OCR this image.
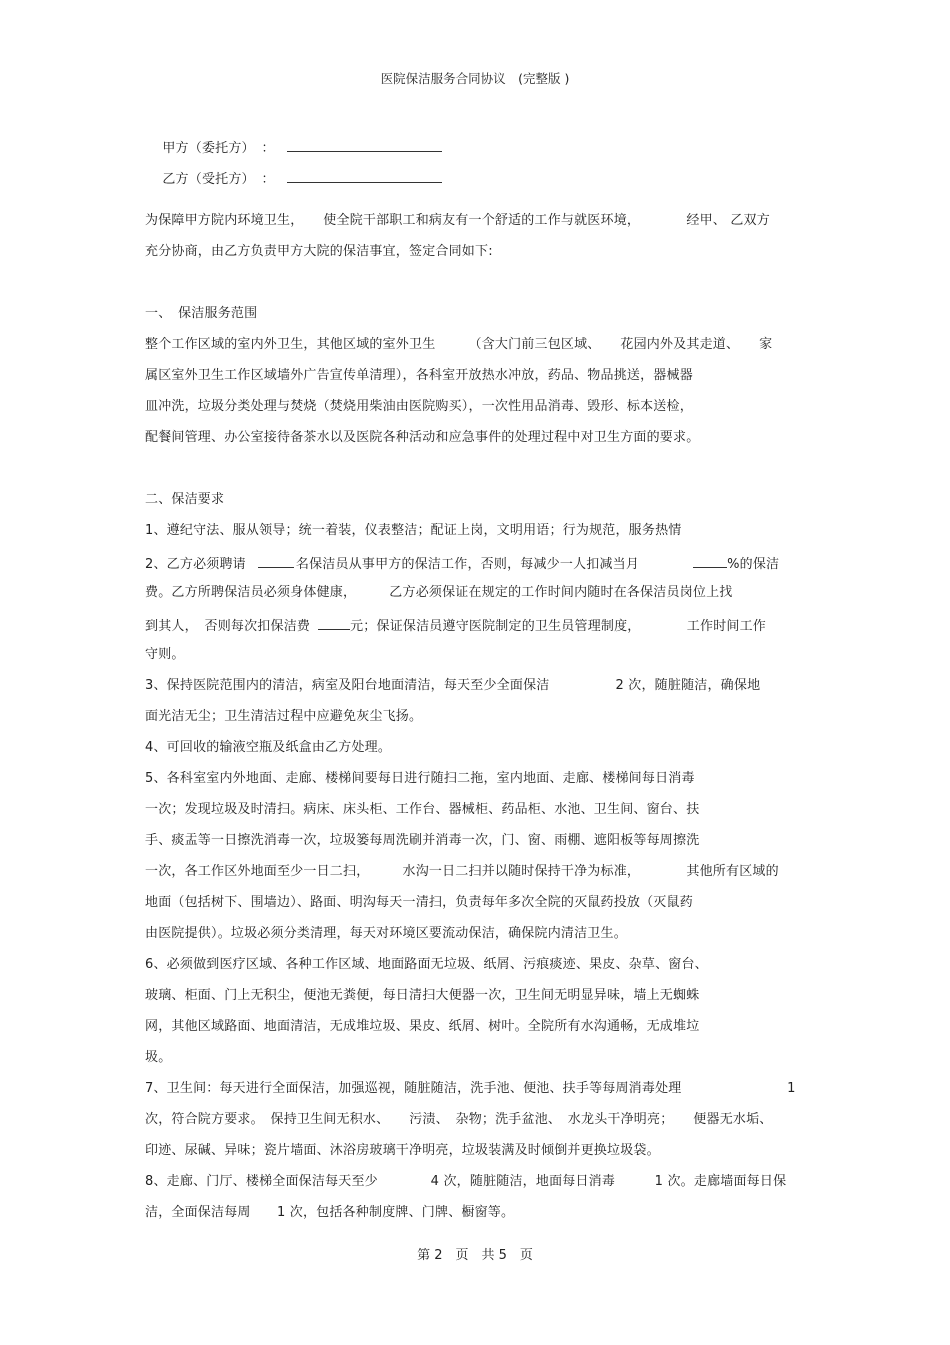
医院保洁服务合同协议　(完整版 )

甲方（委托方）　：

乙方（受托方）　：

为保障甲方院内环境卫生，　　使全院干部职工和病友有一个舒适的工作与就医环境，　　　　经甲、 乙双方
充分协商，由乙方负责甲方大院的保洁事宜，签定合同如下:
一、　保洁服务范围
整个工作区域的室内外卫生，其他区域的室外卫生　　　（含大门前三包区域、　　花园内外及其走道、　　家
属区室外卫生工作区域墙外广告宣传单清理），各科室开放热水冲放，药品、物品挑送，器械器
皿冲洗，垃圾分类处理与焚烧（焚烧用柴油由医院购买），一次性用品消毒、毁形、标本送检，
配餐间管理、办公室接待备茶水以及医院各种活动和应急事件的处理过程中对卫生方面的要求。
二、保洁要求
1、遵纪守法、服从领导；统一着装，仪表整洁；配证上岗，文明用语；行为规范，服务热情
2、乙方必须聘请	名保洁员从事甲方的保洁工作，否则，每减少一人扣减当月	%的保洁
费。乙方所聘保洁员必须身体健康，　　　乙方必须保证在规定的工作时间内随时在各保洁员岗位上找
到其人，　否则每次扣保洁费	元；保证保洁员遵守医院制定的卫生员管理制度，　　　　工作时间工作
守则。
3、保持医院范围内的清洁，病室及阳台地面清洁，每天至少全面保洁　　　　　2 次，随脏随洁，确保地
面光洁无尘；卫生清洁过程中应避免灰尘飞扬。
4、可回收的输液空瓶及纸盒由乙方处理。
5、各科室室内外地面、走廊、楼梯间要每日进行随扫二拖，室内地面、走廊、楼梯间每日消毒
一次；发现垃圾及时清扫。病床、床头柜、工作台、器械柜、药品柜、水池、卫生间、窗台、扶
手、痰盂等一日擦洗消毒一次，垃圾篓每周洗刷并消毒一次，门、窗、雨棚、遮阳板等每周擦洗
一次，各工作区外地面至少一日二扫，　　　水沟一日二扫并以随时保持干净为标准，　　　　其他所有区域的
地面（包括树下、围墙边）、路面、明沟每天一清扫，负责每年多次全院的灭鼠药投放（灭鼠药
由医院提供）。垃圾必须分类清理，每天对环境区要流动保洁，确保院内清洁卫生。
6、必须做到医疗区域、各种工作区域、地面路面无垃圾、纸屑、污痕痰迹、果皮、杂草、窗台、
玻璃、柜面、门上无积尘，便池无粪便，每日清扫大便器一次，卫生间无明显异味，墙上无蜘蛛
网，其他区域路面、地面清洁，无成堆垃圾、果皮、纸屑、树叶。全院所有水沟通畅，无成堆垃
圾。
7、卫生间：每天进行全面保洁，加强巡视，随脏随洁，洗手池、便池、扶手等每周消毒处理　　　　　　　　1
次，符合院方要求。　保持卫生间无积水、　　污渍、　杂物；洗手盆池、　水龙头干净明亮；　　便器无水垢、
印迹、尿碱、异味；瓷片墙面、沐浴房玻璃干净明亮，垃圾装满及时倾倒并更换垃圾袋。
8、走廊、门厅、楼梯全面保洁每天至少　　　　4 次，随脏随洁，地面每日消毒　　　1 次。走廊墙面每日保
洁，全面保洁每周　　1 次，包括各种制度牌、门牌、橱窗等。
第 2　页　共 5　页
